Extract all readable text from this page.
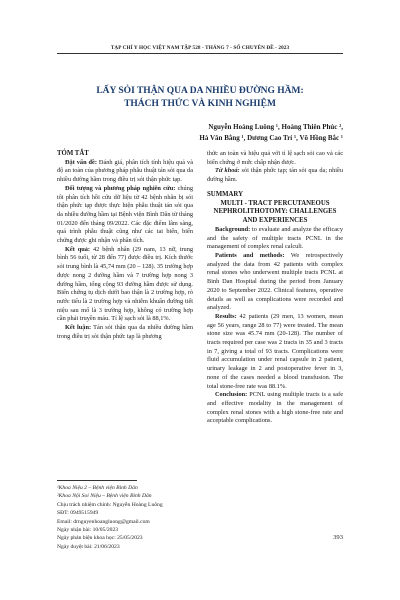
TẠP CHÍ Y HỌC VIỆT NAM TẬP 528 - THÁNG 7 - SỐ CHUYÊN ĐỀ - 2023
LẤY SỎI THẬN QUA DA NHIỀU ĐƯỜNG HẦM:
THÁCH THỨC VÀ KINH NGHIỆM
Nguyễn Hoàng Luông ¹, Hoàng Thiên Phúc ²,
Hà Văn Bằng ¹, Dương Cao Trí ¹, Võ Hồng Bắc ¹

TÓM TẮT

Đặt vấn đề: Đánh giá, phân tích tính hiệu quả và độ an toàn của phương pháp phẫu thuật tán sỏi qua da nhiều đường hầm trong điều trị sỏi thận phức tạp.

Đối tượng và phương pháp nghiên cứu: chúng tôi phân tích hồi cứu dữ liệu từ 42 bệnh nhân bị sỏi thận phức tạp được thực hiện phẫu thuật tán sỏi qua da nhiều đường hầm tại Bệnh viện Bình Dân từ tháng 01/2020 đến tháng 09/2022. Các đặc điểm lâm sàng, quá trình phẫu thuật cũng như các tai biến, biến chứng được ghi nhận và phân tích.

Kết quả: 42 bệnh nhân (29 nam, 13 nữ, trung bình 56 tuổi, từ 28 đến 77) được điều trị. Kích thước sỏi trung bình là 45,74 mm (20 – 128). 35 trường hợp được nong 2 đường hầm và 7 trường hợp nong 3 đường hầm, tổng cộng 93 đường hầm được sử dụng. Biến chứng tụ dịch dưới bao thận là 2 trường hợp, rò nước tiểu là 2 trường hợp và nhiễm khuẩn đường tiết niệu sau mổ là 3 trường hợp, không có trường hợp cần phải truyền máu. Tỉ lệ sạch sỏi là 88,1%.

Kết luận: Tán sỏi thận qua da nhiều đường hầm trong điều trị sỏi thận phức tạp là phương

thức an toàn và hiệu quả với tỉ lệ sạch sỏi cao và các biến chứng ở mức chấp nhận được.

Từ khoá: sỏi thận phức tạp; tán sỏi qua da; nhiều đường hầm.

SUMMARY

MULTI - TRACT PERCUTANEOUS NEPHROLITHOTOMY: CHALLENGES AND EXPERIENCES

Background: to evaluate and analyze the efficacy and the safety of multiple tracts PCNL in the management of complex renal calculi.

Patients and methods: We retrospectively analyzed the data from 42 patients with complex renal stones who underwent multiple tracts PCNL at Binh Dan Hospital during the period from January 2020 to September 2022. Clinical features, operative details as well as complications were recorded and analyzed.

Results: 42 patients (29 men, 13 women, mean age 56 years, range 28 to 77) were treated. The mean stone size was 45.74 mm (20-128). The number of tracts required per case was 2 tracts in 35 and 3 tracts in 7, giving a total of 93 tracts. Complications were fluid accumulation under renal capsule in 2 patient, urinary leakage in 2 and postoperative fever in 3, none of the cases needed a blood transfusion. The total stone-free rate was 88.1%.

Conclusion: PCNL using multiple tracts is a safe and effective modality in the management of complex renal stones with a high stone-free rate and acceptable complications.

¹Khoa Niệu 2 – Bệnh viện Bình Dân
²Khoa Nội Soi Niệu – Bệnh viện Bình Dân
Chịu trách nhiệm chính: Nguyễn Hoàng Luông
SĐT: 0949515949
Email: drnguyenhoangluong@gmail.com
Ngày nhận bài: 10/05/2023
Ngày phản biện khoa học: 25/05/2023
Ngày duyệt bài: 21/06/2023
393
